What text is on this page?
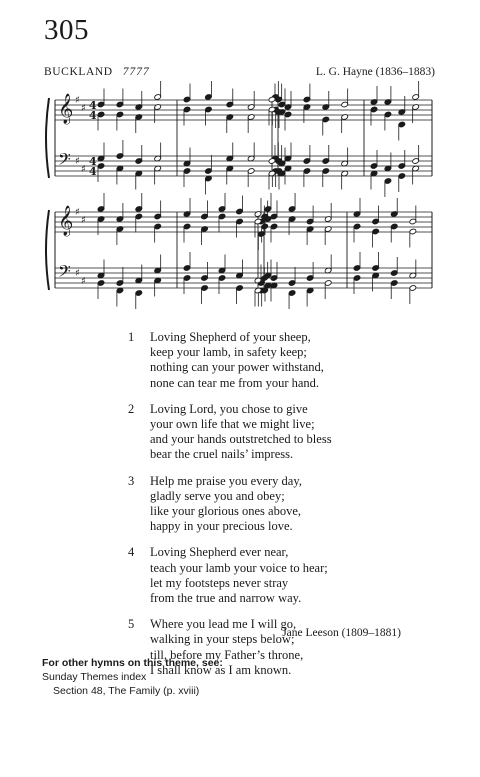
305
BUCKLAND 7777	L. G. Hayne (1836–1883)
𝄞
𝄢
𝄞
𝄢
♯
♯ 4
4
♯
♯
4
4
♯
♯
♯
♯
1	Loving Shepherd of your sheep,
keep your lamb, in safety keep;
nothing can your power withstand,
none can tear me from your hand.
2	Loving Lord, you chose to give
your own life that we might live;
and your hands outstretched to bless
bear the cruel nails’ impress.
3	Help me praise you every day,
gladly serve you and obey;
like your glorious ones above,
happy in your precious love.
4	Loving Shepherd ever near,
teach your lamb your voice to hear;
let my footsteps never stray
from the true and narrow way.
5	Where you lead me I will go,
walking in your steps below;
till, before my Father’s throne,
I shall know as I am known.
Jane Leeson (1809–1881)
For other hymns on this theme, see:
Sunday Themes index
Section 48, The Family (p. xviii)
